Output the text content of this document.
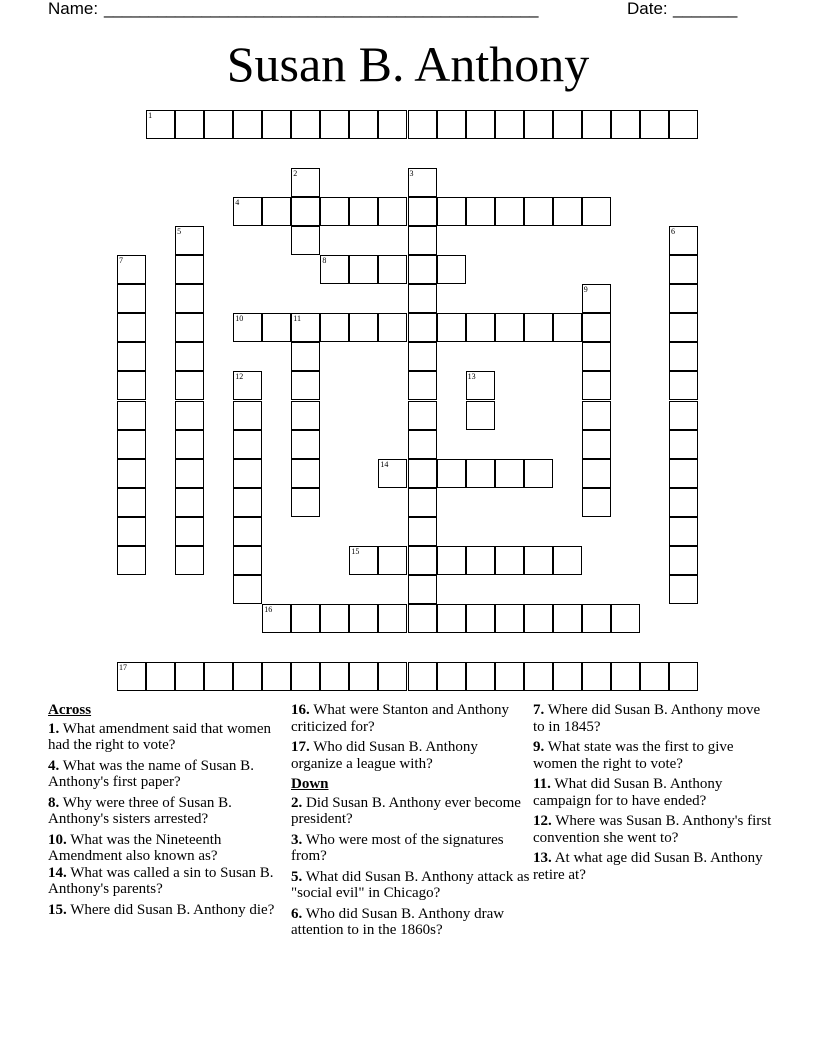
Name: _________________________________________________	Date: _______
Susan B. Anthony
1
2	3
4
5	6
7	8
9
10	11
12	13
14
15
16
17
Across
1. What amendment said that women had the right to vote?
4. What was the name of Susan B. Anthony's first paper?
8. Why were three of Susan B. Anthony's sisters arrested?
10. What was the Nineteenth Amendment also known as?
14. What was called a sin to Susan B. Anthony's parents?
15. Where did Susan B. Anthony die?
16. What were Stanton and Anthony criticized for?
17. Who did Susan B. Anthony organize a league with?
Down
2. Did Susan B. Anthony ever become president?
3. Who were most of the signatures from?
5. What did Susan B. Anthony attack as "social evil" in Chicago?
6. Who did Susan B. Anthony draw attention to in the 1860s?
7. Where did Susan B. Anthony move to in 1845?
9. What state was the first to give women the right to vote?
11. What did Susan B. Anthony campaign for to have ended?
12. Where was Susan B. Anthony's first convention she went to?
13. At what age did Susan B. Anthony retire at?
